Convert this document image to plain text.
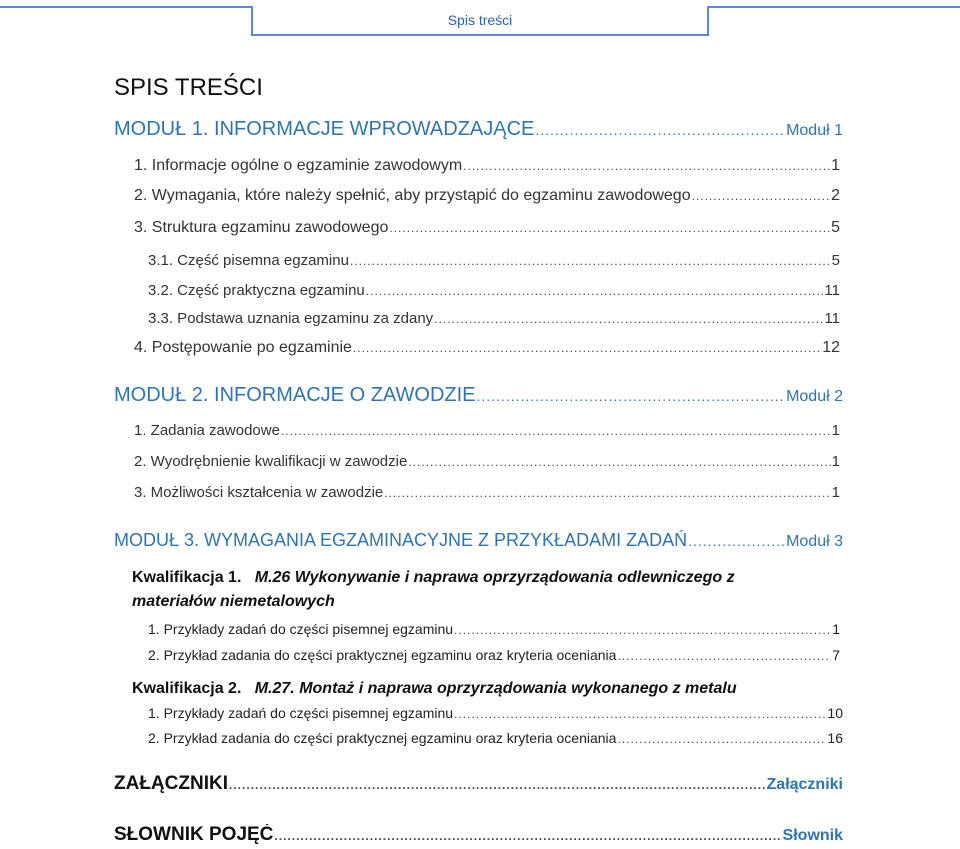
Spis treści
SPIS TREŚCI
MODUŁ 1. INFORMACJE WPROWADZAJĄCE .....	Moduł 1
1. Informacje ogólne o egzaminie zawodowym .....	1
2. Wymagania, które należy spełnić, aby przystąpić do egzaminu zawodowego .....	2
3. Struktura egzaminu zawodowego .....	5
3.1. Część pisemna egzaminu .....	5
3.2. Część praktyczna egzaminu .....	11
3.3. Podstawa uznania egzaminu za zdany .....	11
4. Postępowanie po egzaminie .....	12
MODUŁ 2. INFORMACJE O ZAWODZIE .....	Moduł 2
1. Zadania zawodowe .....	1
2. Wyodrębnienie kwalifikacji w zawodzie .....	1
3. Możliwości kształcenia w zawodzie .....	1
MODUŁ 3. WYMAGANIA EGZAMINACYJNE Z PRZYKŁADAMI ZADAŃ .....	Moduł 3
Kwalifikacja 1. M.26 Wykonywanie i naprawa oprzyrządowania odlewniczego z
materiałów niemetalowych
1. Przykłady zadań do części pisemnej egzaminu .....	1
2. Przykład zadania do części praktycznej egzaminu oraz kryteria oceniania .....	7
Kwalifikacja 2. M.27. Montaż i naprawa oprzyrządowania wykonanego z metalu
1. Przykłady zadań do części pisemnej egzaminu .....	10
2. Przykład zadania do części praktycznej egzaminu oraz kryteria oceniania .....	16
ZAŁĄCZNIKI .....	Załączniki
SŁOWNIK POJĘĆ .....	Słownik
